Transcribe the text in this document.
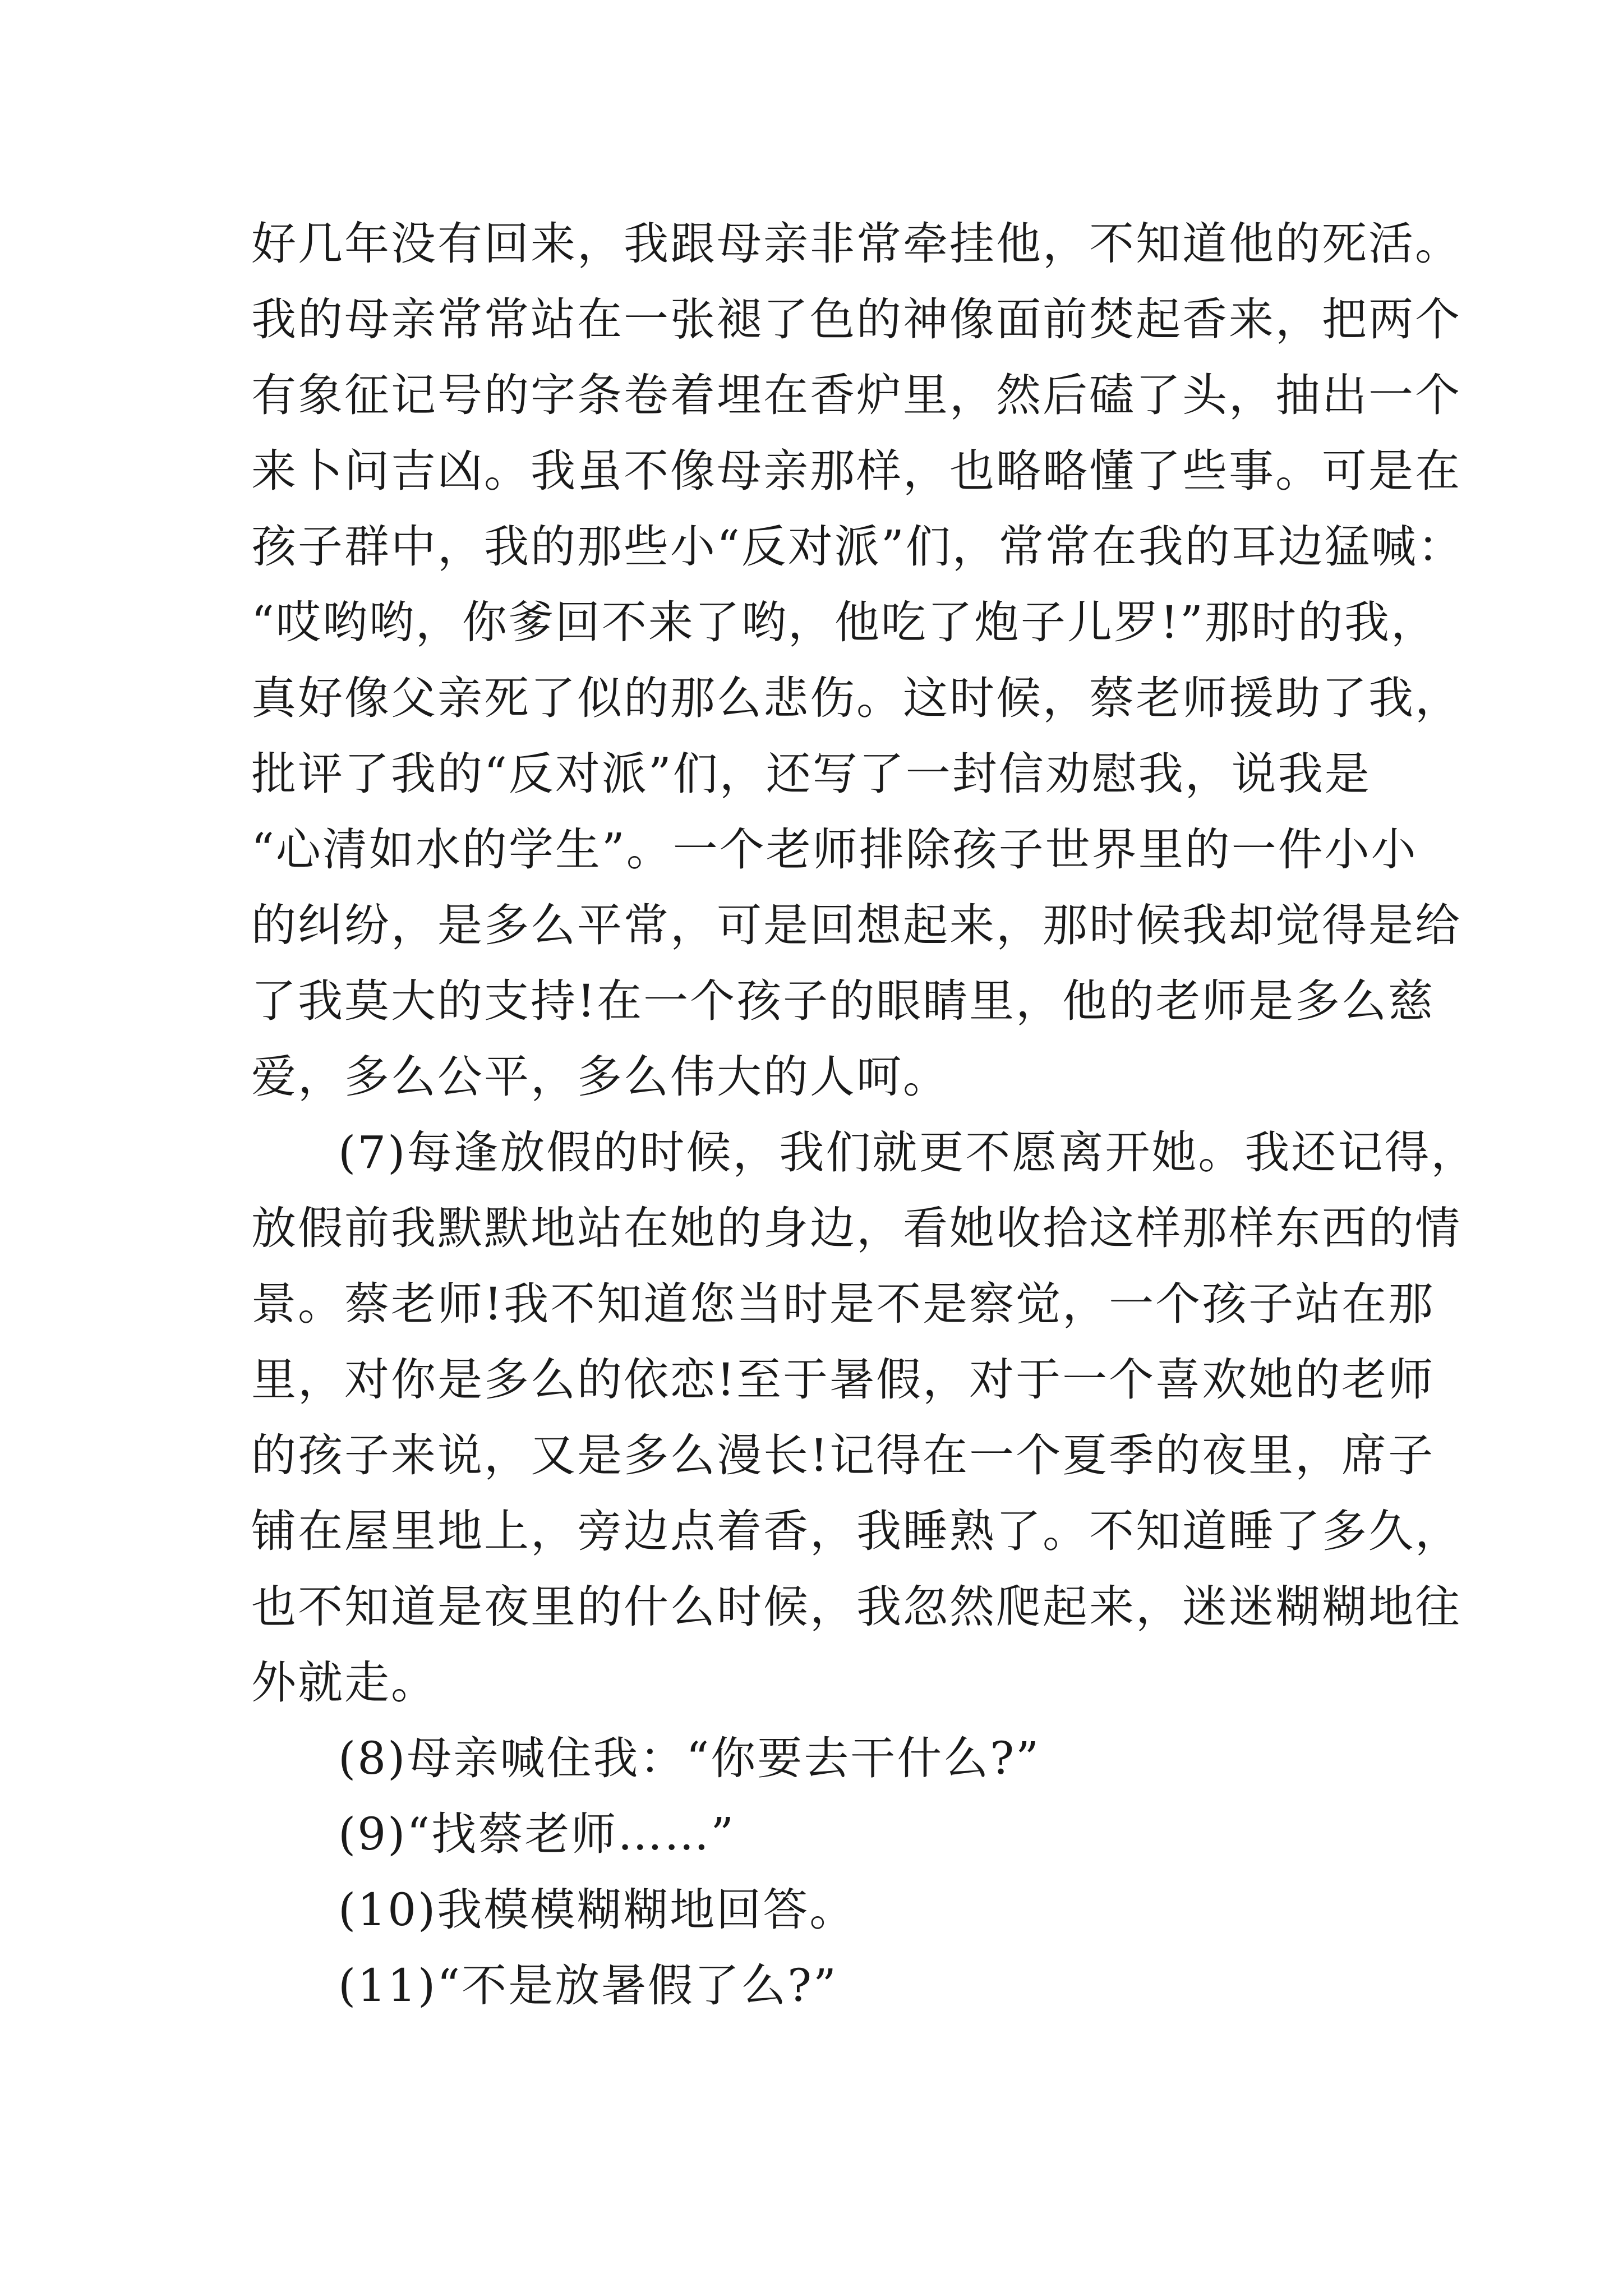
好几年没有回来，我跟母亲非常牵挂他，不知道他的死活。

我的母亲常常站在一张褪了色的神像面前焚起香来，把两个

有象征记号的字条卷着埋在香炉里，然后磕了头，抽出一个

来卜问吉凶。我虽不像母亲那样，也略略懂了些事。可是在

孩子群中，我的那些小“反对派”们，常常在我的耳边猛喊：

“哎哟哟，你爹回不来了哟，他吃了炮子儿罗!”那时的我，

真好像父亲死了似的那么悲伤。这时候，蔡老师援助了我，

批评了我的“反对派”们，还写了一封信劝慰我，说我是

“心清如水的学生”。一个老师排除孩子世界里的一件小小

的纠纷，是多么平常，可是回想起来，那时候我却觉得是给

了我莫大的支持!在一个孩子的眼睛里，他的老师是多么慈

爱，多么公平，多么伟大的人呵。

(7)每逢放假的时候，我们就更不愿离开她。我还记得，

放假前我默默地站在她的身边，看她收拾这样那样东西的情

景。蔡老师!我不知道您当时是不是察觉，一个孩子站在那

里，对你是多么的依恋!至于暑假，对于一个喜欢她的老师

的孩子来说，又是多么漫长!记得在一个夏季的夜里，席子

铺在屋里地上，旁边点着香，我睡熟了。不知道睡了多久，

也不知道是夜里的什么时候，我忽然爬起来，迷迷糊糊地往

外就走。

(8)母亲喊住我：“你要去干什么?”

(9)“找蔡老师……”

(10)我模模糊糊地回答。

(11)“不是放暑假了么?”
